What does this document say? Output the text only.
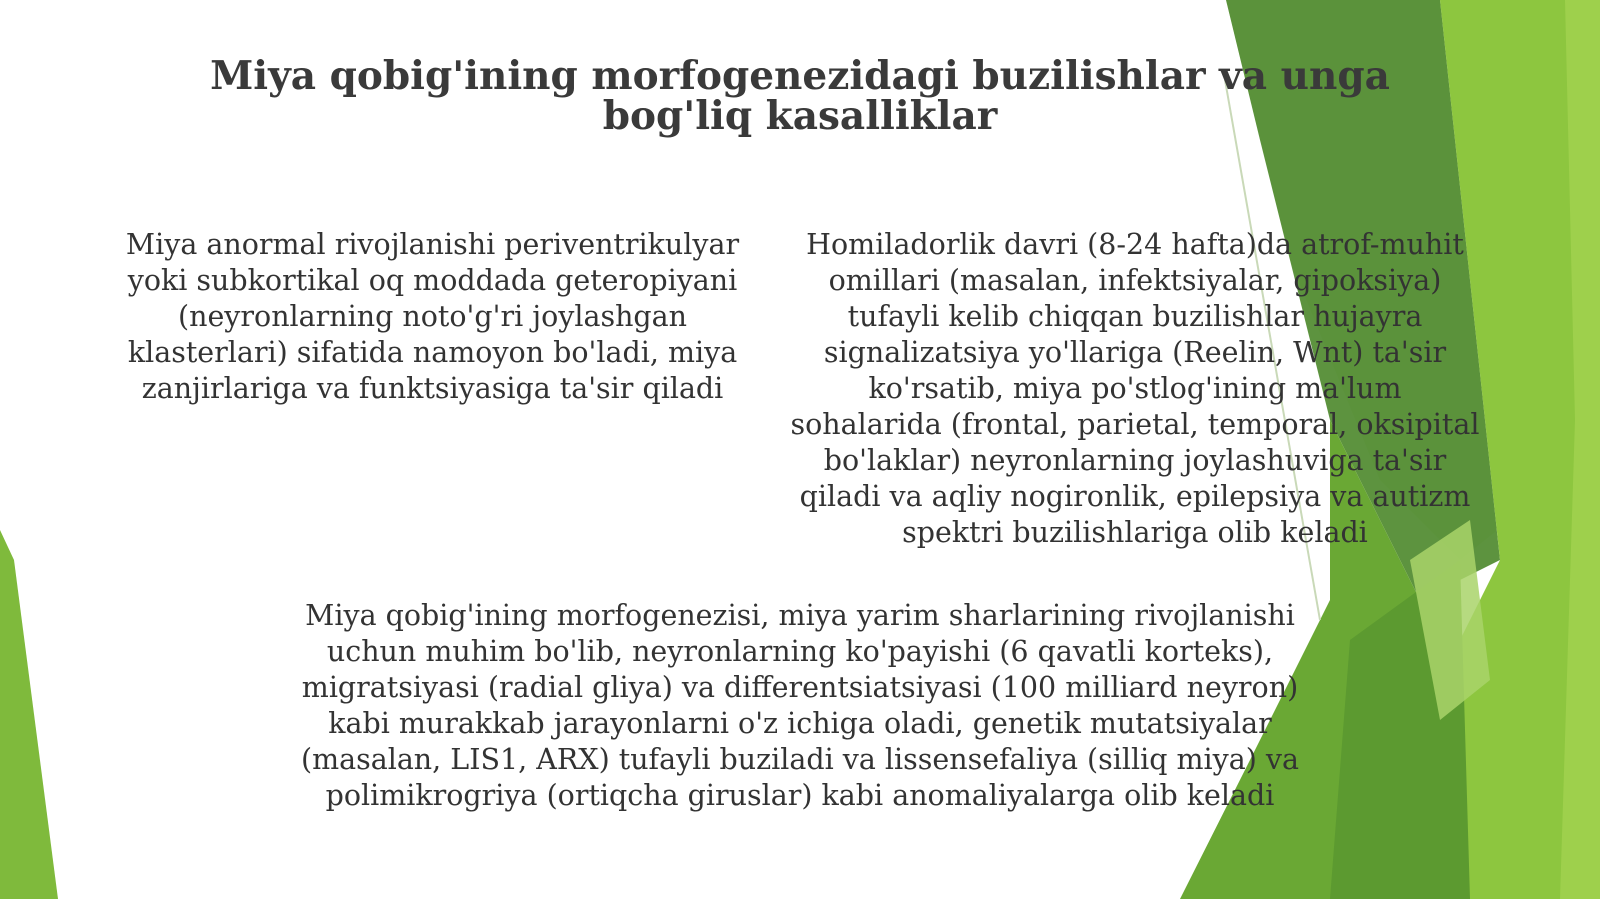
Miya qobig'ining morfogenezidagi buzilishlar va unga bog'liq kasalliklar
Miya anormal rivojlanishi periventrikulyar yoki subkortikal oq moddada geteropiyani (neyronlarning noto'g'ri joylashgan klasterlari) sifatida namoyon bo'ladi, miya zanjirlariga va funktsiyasiga ta'sir qiladi
Homiladorlik davri (8-24 hafta)da atrof-muhit omillari (masalan, infektsiyalar, gipoksiya) tufayli kelib chiqqan buzilishlar hujayra signalizatsiya yo'llariga (Reelin, Wnt) ta'sir ko'rsatib, miya po'stlog'ining ma'lum sohalarida (frontal, parietal, temporal, oksipital bo'laklar) neyronlarning joylashuviga ta'sir qiladi va aqliy nogironlik, epilepsiya va autizm spektri buzilishlariga olib keladi
Miya qobig'ining morfogenezisi, miya yarim sharlarining rivojlanishi uchun muhim bo'lib, neyronlarning ko'payishi (6 qavatli korteks), migratsiyasi (radial gliya) va differentsiatsiyasi (100 milliard neyron) kabi murakkab jarayonlarni o'z ichiga oladi, genetik mutatsiyalar (masalan, LIS1, ARX) tufayli buziladi va lissensefaliya (silliq miya) va polimikrogriya (ortiqcha giruslar) kabi anomaliyalarga olib keladi
